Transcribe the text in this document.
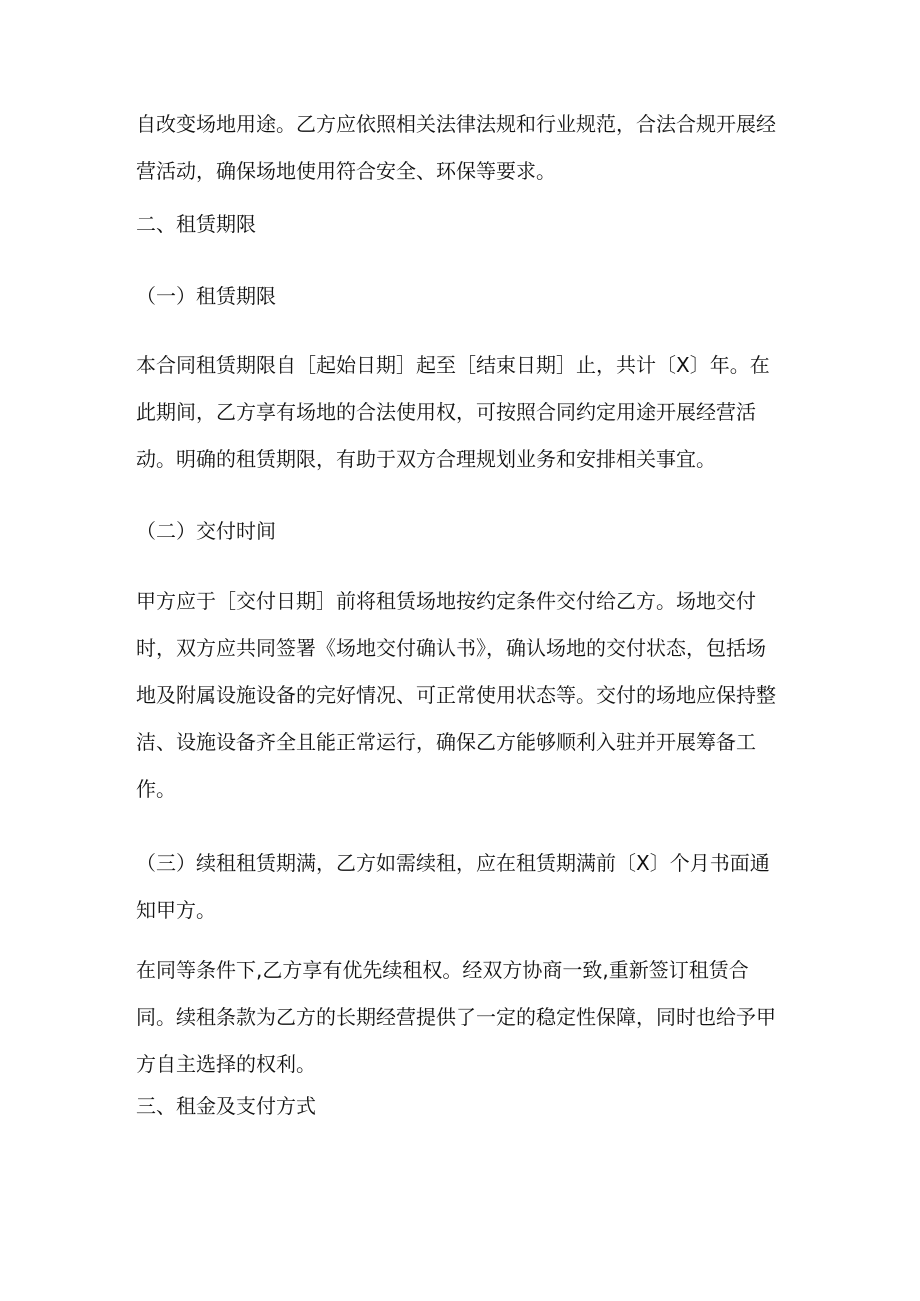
自改变场地用途。乙方应依照相关法律法规和行业规范，合法合规开展经
营活动，确保场地使用符合安全、环保等要求。
二、租赁期限
（一）租赁期限
本合同租赁期限自［起始日期］起至［结束日期］止，共计〔X〕年。在
此期间，乙方享有场地的合法使用权，可按照合同约定用途开展经营活
动。明确的租赁期限，有助于双方合理规划业务和安排相关事宜。
（二）交付时间
甲方应于［交付日期］前将租赁场地按约定条件交付给乙方。场地交付
时，双方应共同签署《场地交付确认书》，确认场地的交付状态，包括场
地及附属设施设备的完好情况、可正常使用状态等。交付的场地应保持整
洁、设施设备齐全且能正常运行，确保乙方能够顺利入驻并开展筹备工
作。
（三）续租租赁期满，乙方如需续租，应在租赁期满前〔X〕个月书面通
知甲方。
在同等条件下,乙方享有优先续租权。经双方协商一致,重新签订租赁合
同。续租条款为乙方的长期经营提供了一定的稳定性保障，同时也给予甲
方自主选择的权利。
三、租金及支付方式
